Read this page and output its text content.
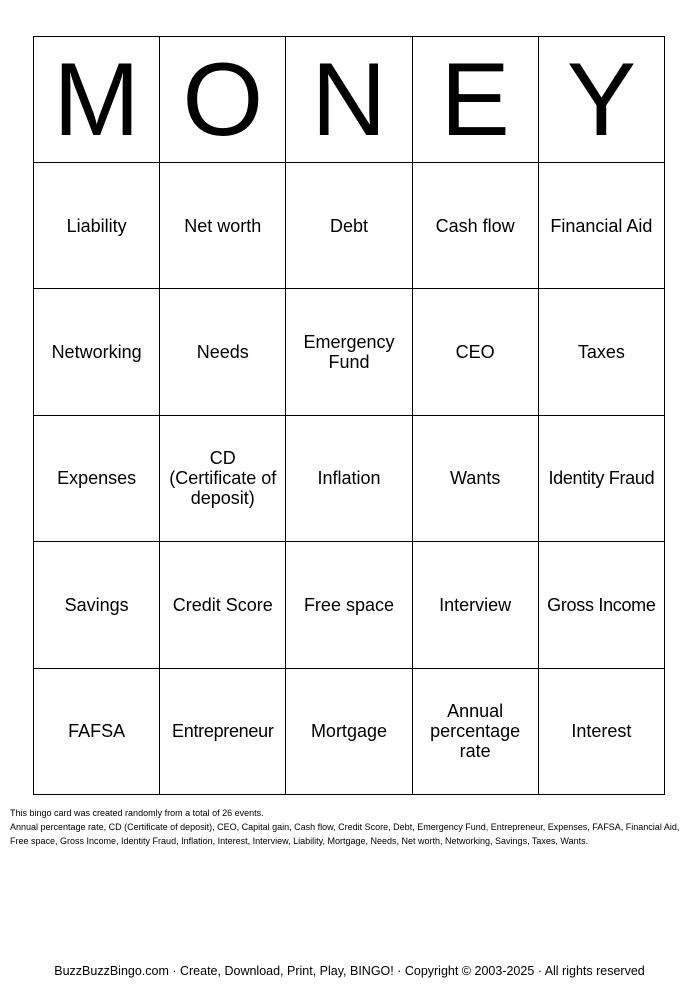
M	O	N	E	Y
Liability	Net worth	Debt	Cash flow	Financial Aid
Networking	Needs	Emergency Fund	CEO	Taxes
Expenses	CD (Certificate of deposit)	Inflation	Wants	Identity Fraud
Savings	Credit Score	Free space	Interview	Gross Income
FAFSA	Entrepreneur	Mortgage	Annual percentage rate	Interest

This bingo card was created randomly from a total of 26 events.

Annual percentage rate, CD (Certificate of deposit), CEO, Capital gain, Cash flow, Credit Score, Debt, Emergency Fund, Entrepreneur, Expenses, FAFSA, Financial Aid, Free space, Gross Income, Identity Fraud, Inflation, Interest, Interview, Liability, Mortgage, Needs, Net worth, Networking, Savings, Taxes, Wants.

BuzzBuzzBingo.com · Create, Download, Print, Play, BINGO! · Copyright © 2003-2025 · All rights reserved
